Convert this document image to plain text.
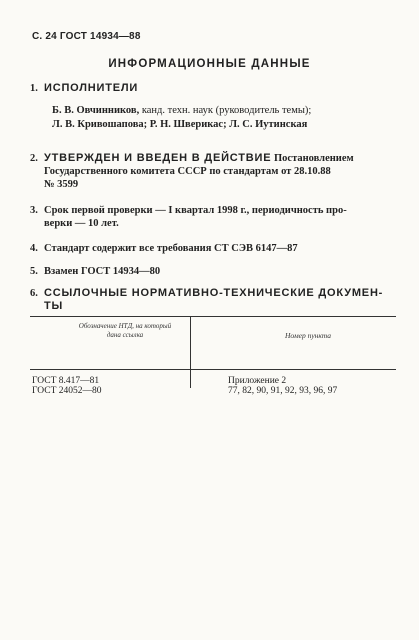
С. 24 ГОСТ 14934—88
ИНФОРМАЦИОННЫЕ ДАННЫЕ
1. ИСПОЛНИТЕЛИ
Б. В. Овчинников, канд. техн. наук (руководитель темы);
Л. В. Кривошапова; Р. Н. Шверикас; Л. С. Иутинская
2. УТВЕРЖДЕН И ВВЕДЕН В ДЕЙСТВИЕ Постановлением
Государственного комитета СССР по стандартам от 28.10.88
№ 3599
3. Срок первой проверки — I квартал 1998 г., периодичность про-
верки — 10 лет.
4. Стандарт содержит все требования СТ СЭВ 6147—87
5. Взамен ГОСТ 14934—80
6. ССЫЛОЧНЫЕ НОРМАТИВНО-ТЕХНИЧЕСКИЕ ДОКУМЕН-
ТЫ
Обозначение НТД, на который
дана ссылка	Номер пункта
ГОСТ 8.417—81
ГОСТ 24052—80
Приложение 2
77, 82, 90, 91, 92, 93, 96, 97
